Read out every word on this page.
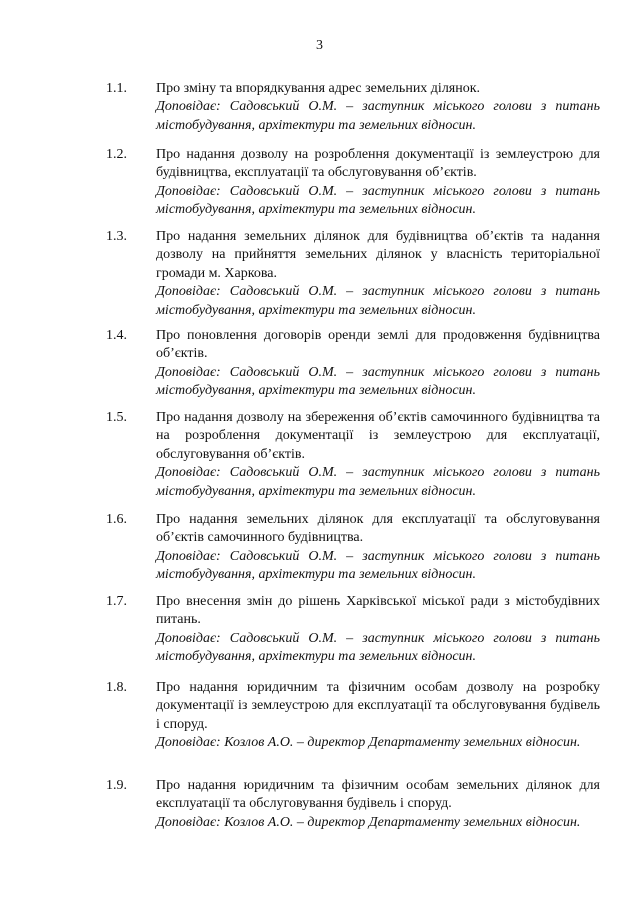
3
1.1.	Про зміну та впорядкування адрес земельних ділянок.
Доповідає: Садовський О.М. – заступник міського голови з питань містобудування, архітектури та земельних відносин.
1.2.	Про надання дозволу на розроблення документації із землеустрою для будівництва, експлуатації та обслуговування об’єктів.
Доповідає: Садовський О.М. – заступник міського голови з питань містобудування, архітектури та земельних відносин.
1.3.	Про надання земельних ділянок для будівництва об’єктів та надання дозволу на прийняття земельних ділянок у власність територіальної громади м. Харкова.
Доповідає: Садовський О.М. – заступник міського голови з питань містобудування, архітектури та земельних відносин.
1.4.	Про поновлення договорів оренди землі для продовження будівництва об’єктів.
Доповідає: Садовський О.М. – заступник міського голови з питань містобудування, архітектури та земельних відносин.
1.5.	Про надання дозволу на збереження об’єктів самочинного будівництва та на розроблення документації із землеустрою для експлуатації, обслуговування об’єктів.
Доповідає: Садовський О.М. – заступник міського голови з питань містобудування, архітектури та земельних відносин.
1.6.	Про надання земельних ділянок для експлуатації та обслуговування об’єктів самочинного будівництва.
Доповідає: Садовський О.М. – заступник міського голови з питань містобудування, архітектури та земельних відносин.
1.7.	Про внесення змін до рішень Харківської міської ради з містобудівних питань.
Доповідає: Садовський О.М. – заступник міського голови з питань містобудування, архітектури та земельних відносин.
1.8.	Про надання юридичним та фізичним особам дозволу на розробку документації із землеустрою для експлуатації та обслуговування будівель і споруд.
Доповідає: Козлов А.О. – директор Департаменту земельних відносин.
1.9.	Про надання юридичним та фізичним особам земельних ділянок для експлуатації та обслуговування будівель і споруд.
Доповідає: Козлов А.О. – директор Департаменту земельних відносин.
